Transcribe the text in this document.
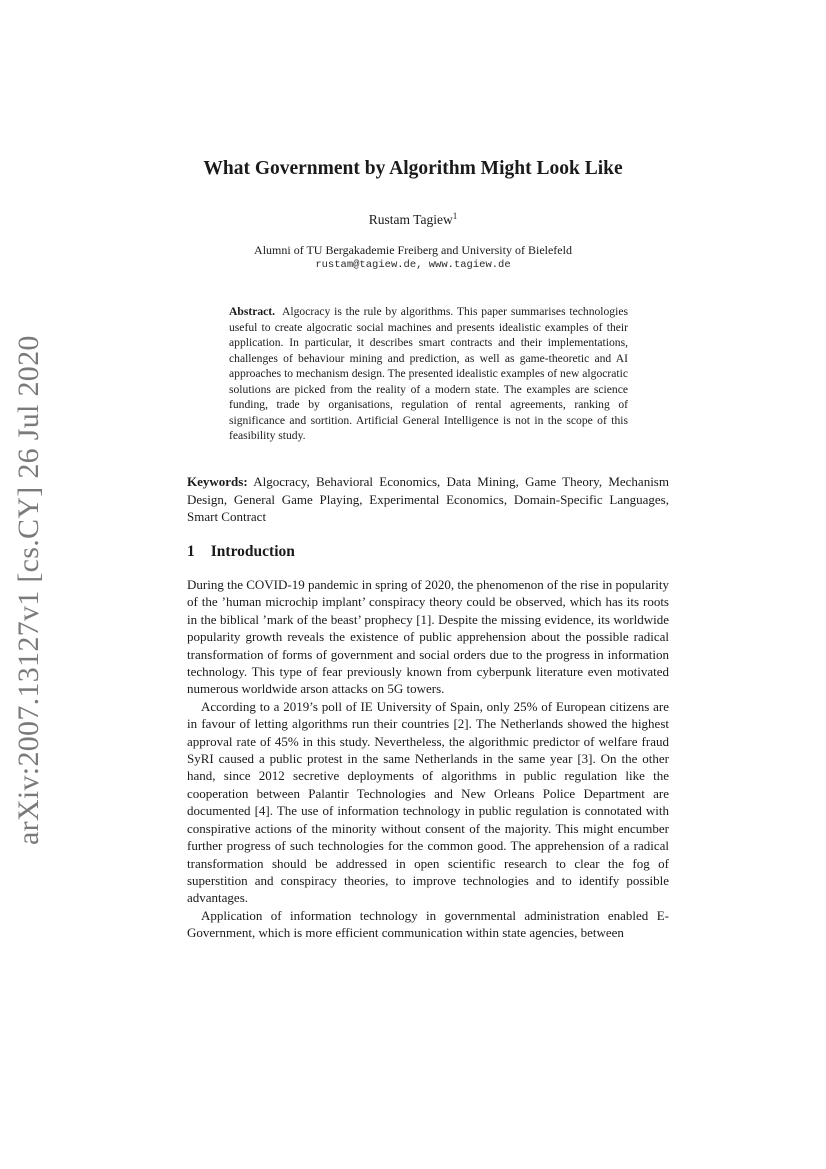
arXiv:2007.13127v1 [cs.CY] 26 Jul 2020
What Government by Algorithm Might Look Like
Rustam Tagiew$^1$
Alumni of TU Bergakademie Freiberg and University of Bielefeld
rustam@tagiew.de, www.tagiew.de
Abstract. Algocracy is the rule by algorithms. This paper summarises technologies useful to create algocratic social machines and presents idealistic examples of their application. In particular, it describes smart contracts and their implementations, challenges of behaviour mining and prediction, as well as game-theoretic and AI approaches to mechanism design. The presented idealistic examples of new algocratic solutions are picked from the reality of a modern state. The examples are science funding, trade by organisations, regulation of rental agreements, ranking of significance and sortition. Artificial General Intelligence is not in the scope of this feasibility study.
Keywords: Algocracy, Behavioral Economics, Data Mining, Game Theory, Mechanism Design, General Game Playing, Experimental Economics, Domain-Specific Languages, Smart Contract
1 Introduction

During the COVID-19 pandemic in spring of 2020, the phenomenon of the rise in popularity of the ’human microchip implant’ conspiracy theory could be observed, which has its roots in the biblical ’mark of the beast’ prophecy [1]. Despite the missing evidence, its worldwide popularity growth reveals the existence of public apprehension about the possible radical transformation of forms of government and social orders due to the progress in information technology. This type of fear previously known from cyberpunk literature even motivated numerous worldwide arson attacks on 5G towers.

According to a 2019’s poll of IE University of Spain, only 25% of European citizens are in favour of letting algorithms run their countries [2]. The Netherlands showed the highest approval rate of 45% in this study. Nevertheless, the algorithmic predictor of welfare fraud SyRI caused a public protest in the same Netherlands in the same year [3]. On the other hand, since 2012 secretive deployments of algorithms in public regulation like the cooperation between Palantir Technologies and New Orleans Police Department are documented [4]. The use of information technology in public regulation is connotated with conspirative actions of the minority without consent of the majority. This might encumber further progress of such technologies for the common good. The apprehension of a radical transformation should be addressed in open scientific research to clear the fog of superstition and conspiracy theories, to improve technologies and to identify possible advantages.

Application of information technology in governmental administration enabled E-Government, which is more efficient communication within state agencies, between
